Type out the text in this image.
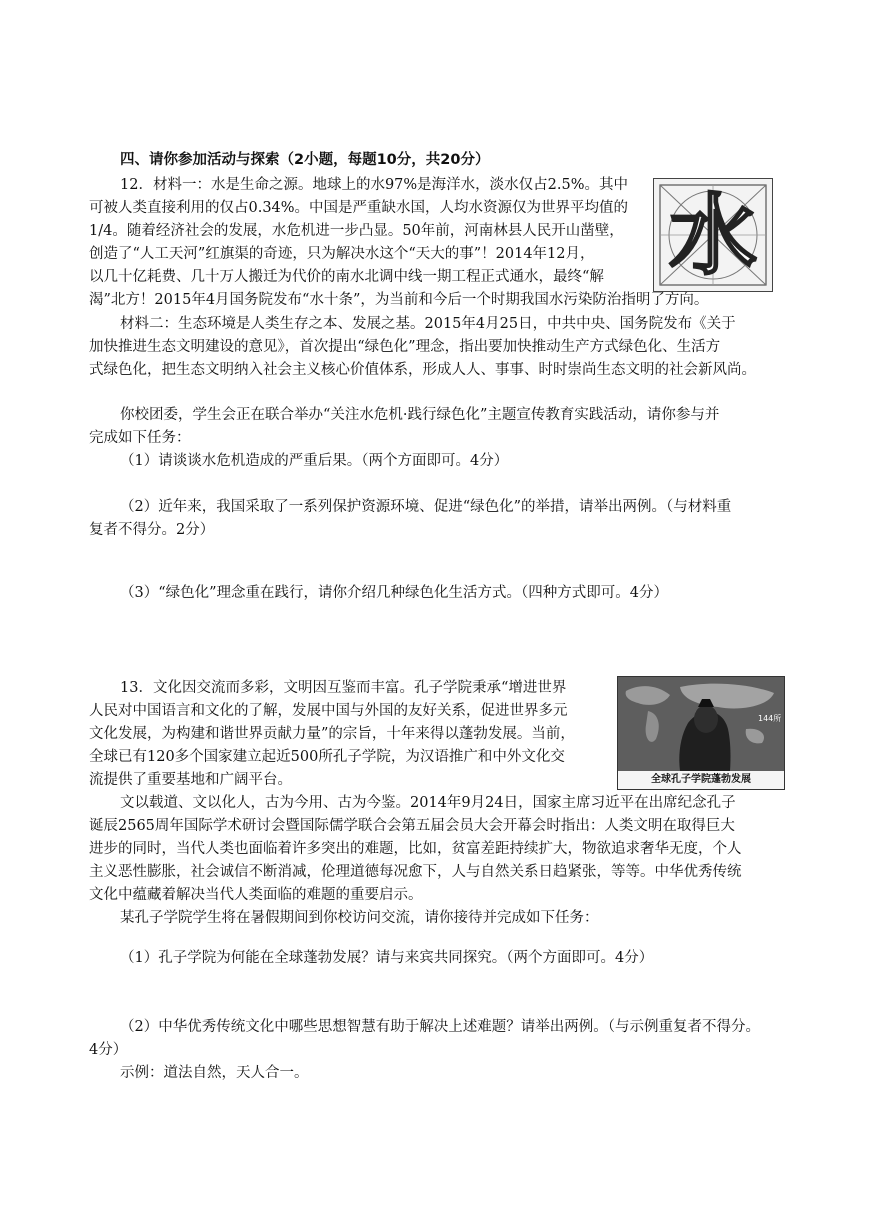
四、请你参加活动与探索（2小题，每题10分，共20分）
12．材料一：水是生命之源。地球上的水97%是海洋水，淡水仅占2.5%。其中
可被人类直接利用的仅占0.34%。中国是严重缺水国，人均水资源仅为世界平均值的
1/4。随着经济社会的发展，水危机进一步凸显。50年前，河南林县人民开山凿壁，
创造了“人工天河”红旗渠的奇迹，只为解决水这个“天大的事”！2014年12月，
以几十亿耗费、几十万人搬迁为代价的南水北调中线一期工程正式通水，最终“解
渴”北方！2015年4月国务院发布“水十条”，为当前和今后一个时期我国水污染防治指明了方向。
水
材料二：生态环境是人类生存之本、发展之基。2015年4月25日，中共中央、国务院发布《关于
加快推进生态文明建设的意见》，首次提出“绿色化”理念，指出要加快推动生产方式绿色化、生活方
式绿色化，把生态文明纳入社会主义核心价值体系，形成人人、事事、时时崇尚生态文明的社会新风尚。
你校团委，学生会正在联合举办“关注水危机·践行绿色化”主题宣传教育实践活动，请你参与并
完成如下任务：
（1）请谈谈水危机造成的严重后果。（两个方面即可。4分）
（2）近年来，我国采取了一系列保护资源环境、促进“绿色化”的举措，请举出两例。（与材料重
复者不得分。2分）
（3）“绿色化”理念重在践行，请你介绍几种绿色化生活方式。（四种方式即可。4分）
13．文化因交流而多彩，文明因互鉴而丰富。孔子学院秉承“增进世界
人民对中国语言和文化的了解，发展中国与外国的友好关系，促进世界多元
文化发展，为构建和谐世界贡献力量”的宗旨，十年来得以蓬勃发展。当前，
全球已有120多个国家建立起近500所孔子学院，为汉语推广和中外文化交
流提供了重要基地和广阔平台。
144所
全球孔子学院蓬勃发展
文以载道、文以化人，古为今用、古为今鉴。2014年9月24日，国家主席习近平在出席纪念孔子
诞辰2565周年国际学术研讨会暨国际儒学联合会第五届会员大会开幕会时指出：人类文明在取得巨大
进步的同时，当代人类也面临着许多突出的难题，比如，贫富差距持续扩大，物欲追求奢华无度，个人
主义恶性膨胀，社会诚信不断消减，伦理道德每况愈下，人与自然关系日趋紧张，等等。中华优秀传统
文化中蕴藏着解决当代人类面临的难题的重要启示。
某孔子学院学生将在暑假期间到你校访问交流，请你接待并完成如下任务：
（1）孔子学院为何能在全球蓬勃发展？请与来宾共同探究。（两个方面即可。4分）
（2）中华优秀传统文化中哪些思想智慧有助于解决上述难题？请举出两例。（与示例重复者不得分。
4分）
示例：道法自然，天人合一。
